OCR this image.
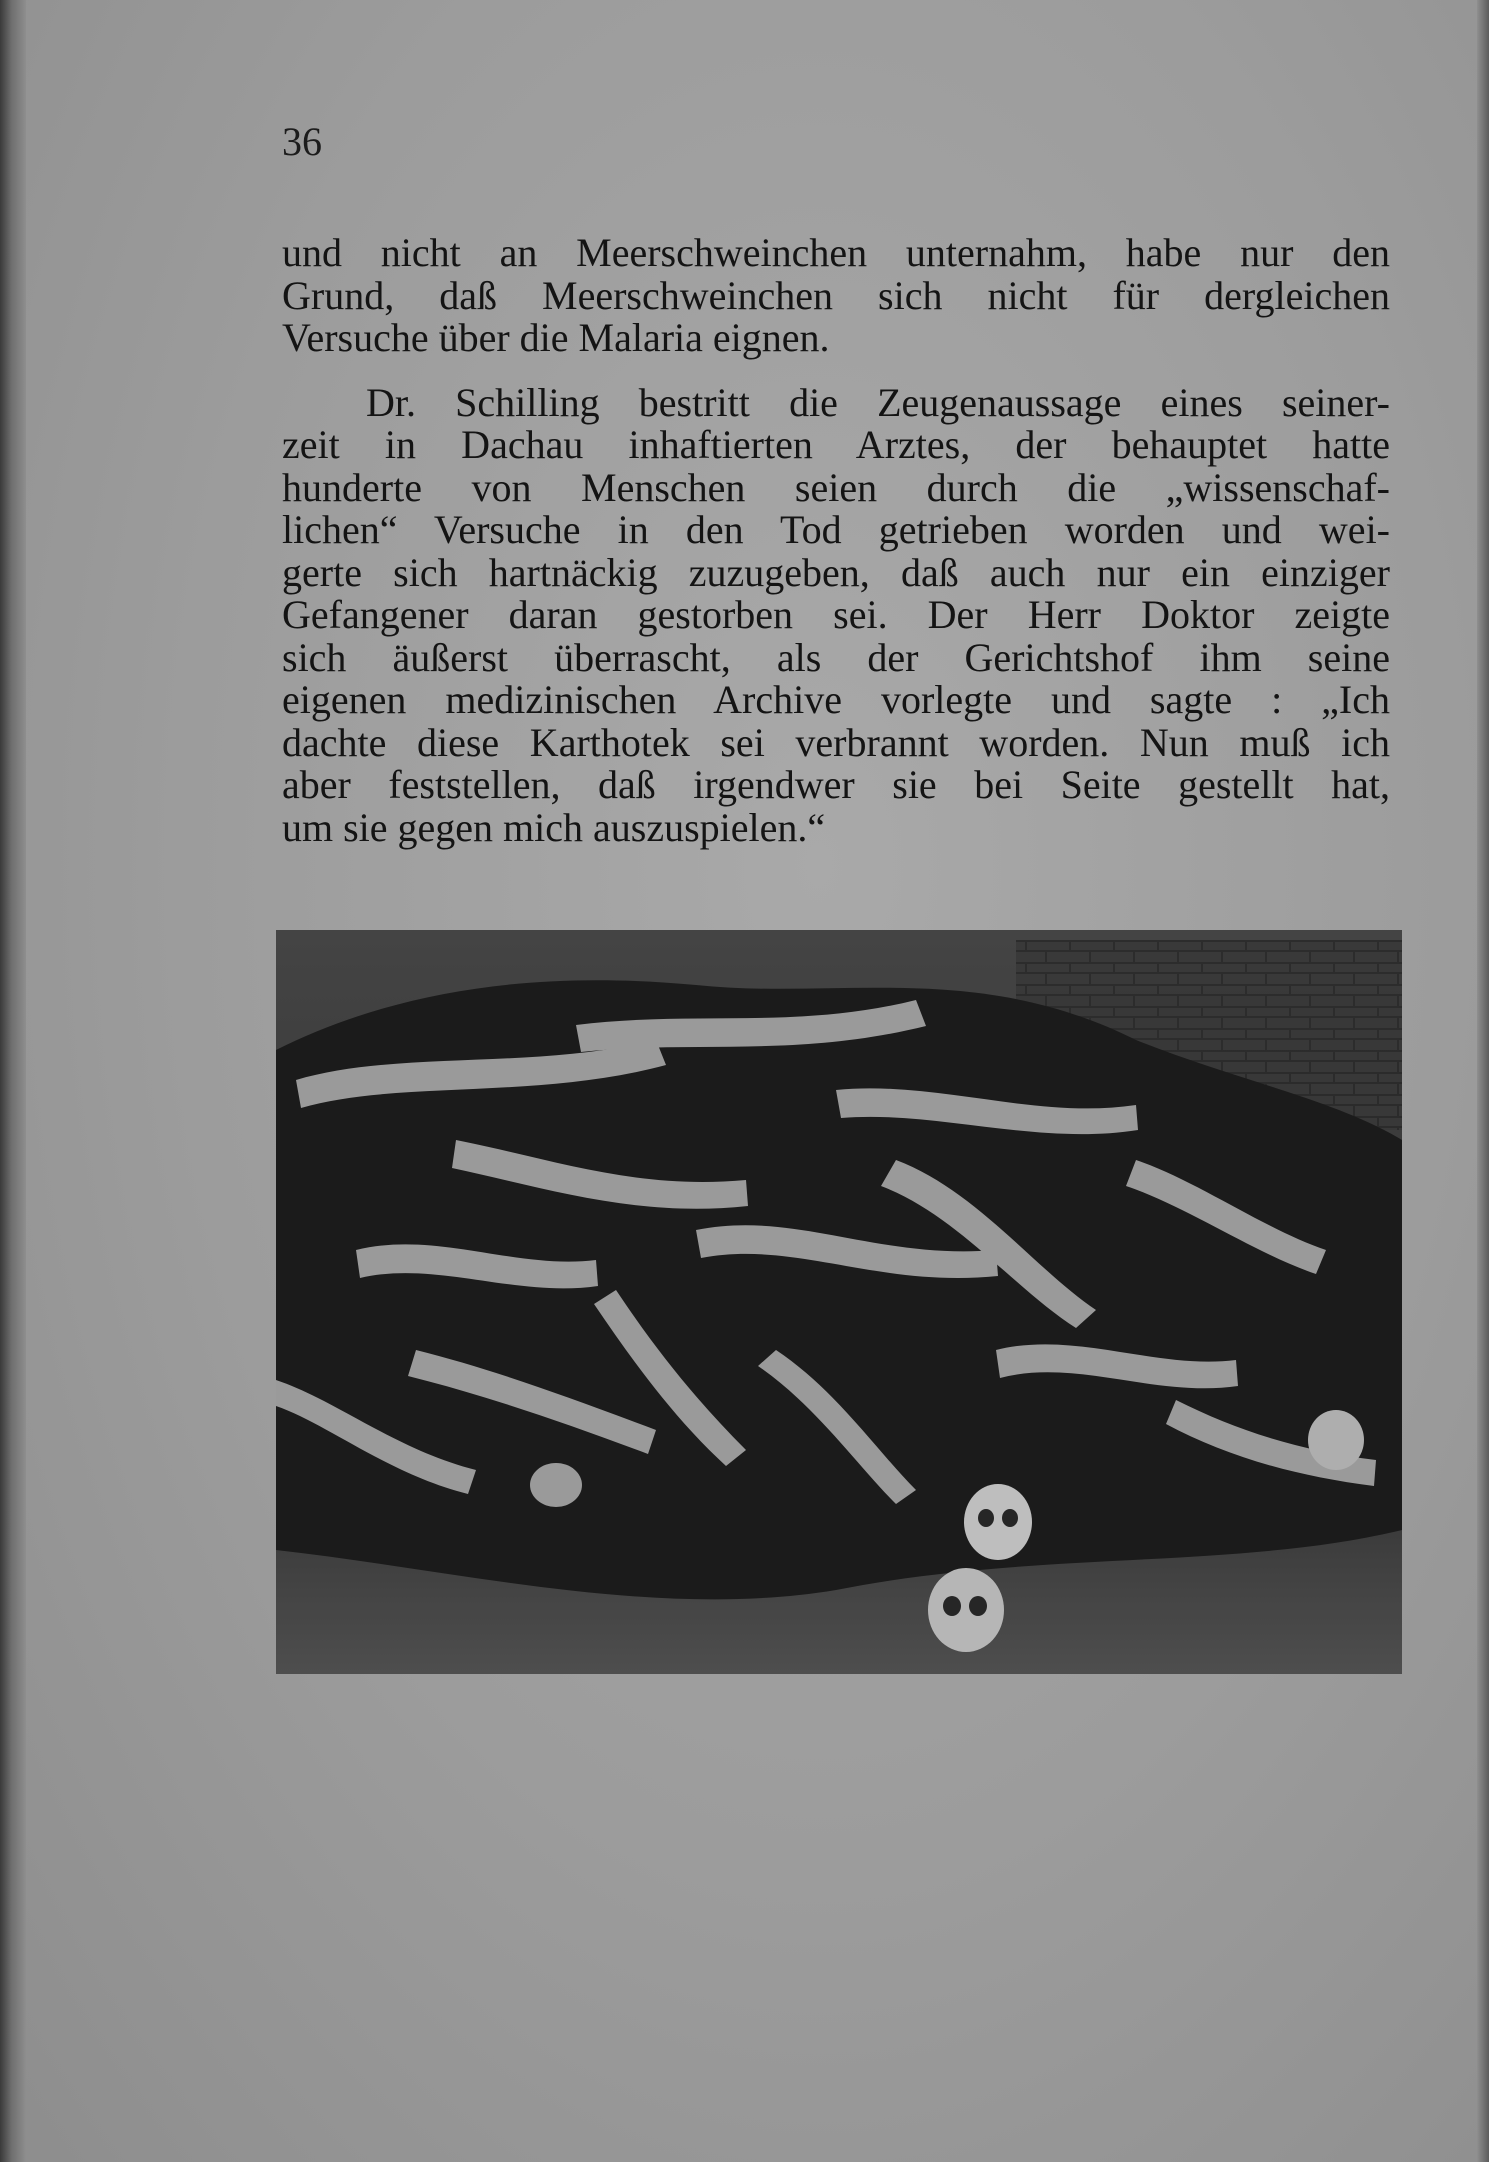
36
und nicht an Meerschweinchen unternahm, habe nur den
Grund, daß Meerschweinchen sich nicht für dergleichen
Versuche über die Malaria eignen.
Dr. Schilling bestritt die Zeugenaussage eines seiner-
zeit in Dachau inhaftierten Arztes, der behauptet hatte
hunderte von Menschen seien durch die „wissenschaf-
lichen“ Versuche in den Tod getrieben worden und wei-
gerte sich hartnäckig zuzugeben, daß auch nur ein einziger
Gefangener daran gestorben sei. Der Herr Doktor zeigte
sich äußerst überrascht, als der Gerichtshof ihm seine
eigenen medizinischen Archive vorlegte und sagte : „Ich
dachte diese Karthotek sei verbrannt worden. Nun muß ich
aber feststellen, daß irgendwer sie bei Seite gestellt hat,
um sie gegen mich auszuspielen.“
